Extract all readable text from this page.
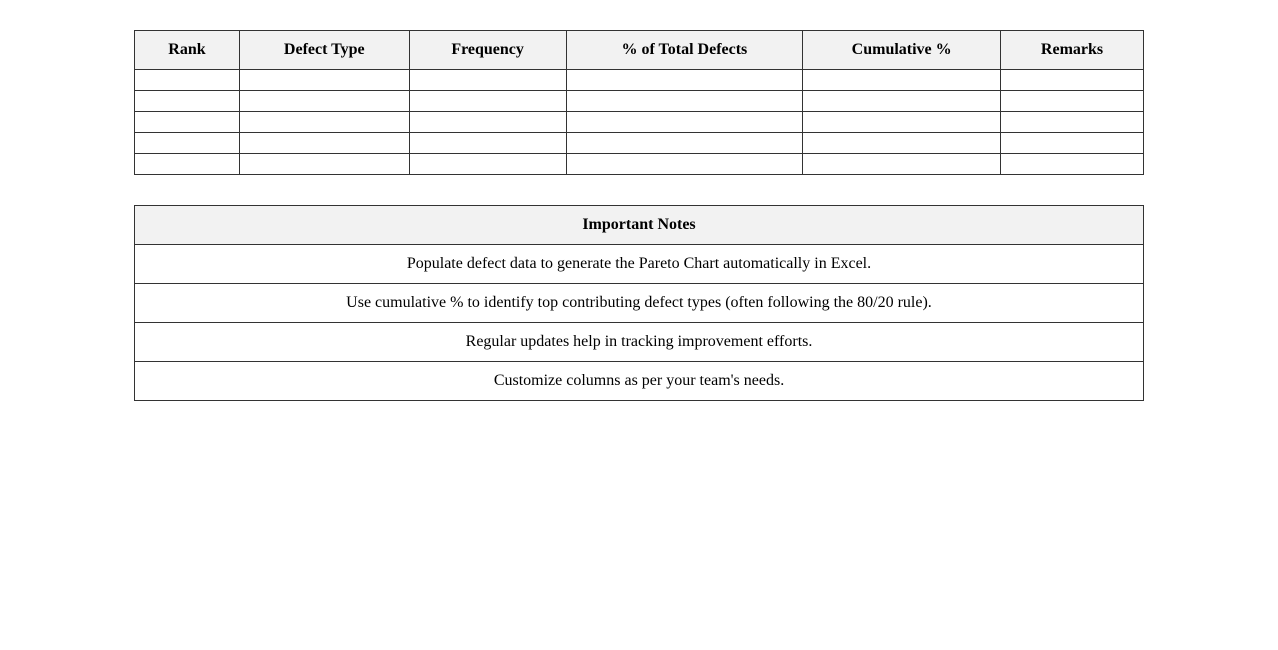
Rank	Defect Type	Frequency	% of Total Defects	Cumulative %	Remarks

Important Notes
Populate defect data to generate the Pareto Chart automatically in Excel.
Use cumulative % to identify top contributing defect types (often following the 80/20 rule).
Regular updates help in tracking improvement efforts.
Customize columns as per your team's needs.
